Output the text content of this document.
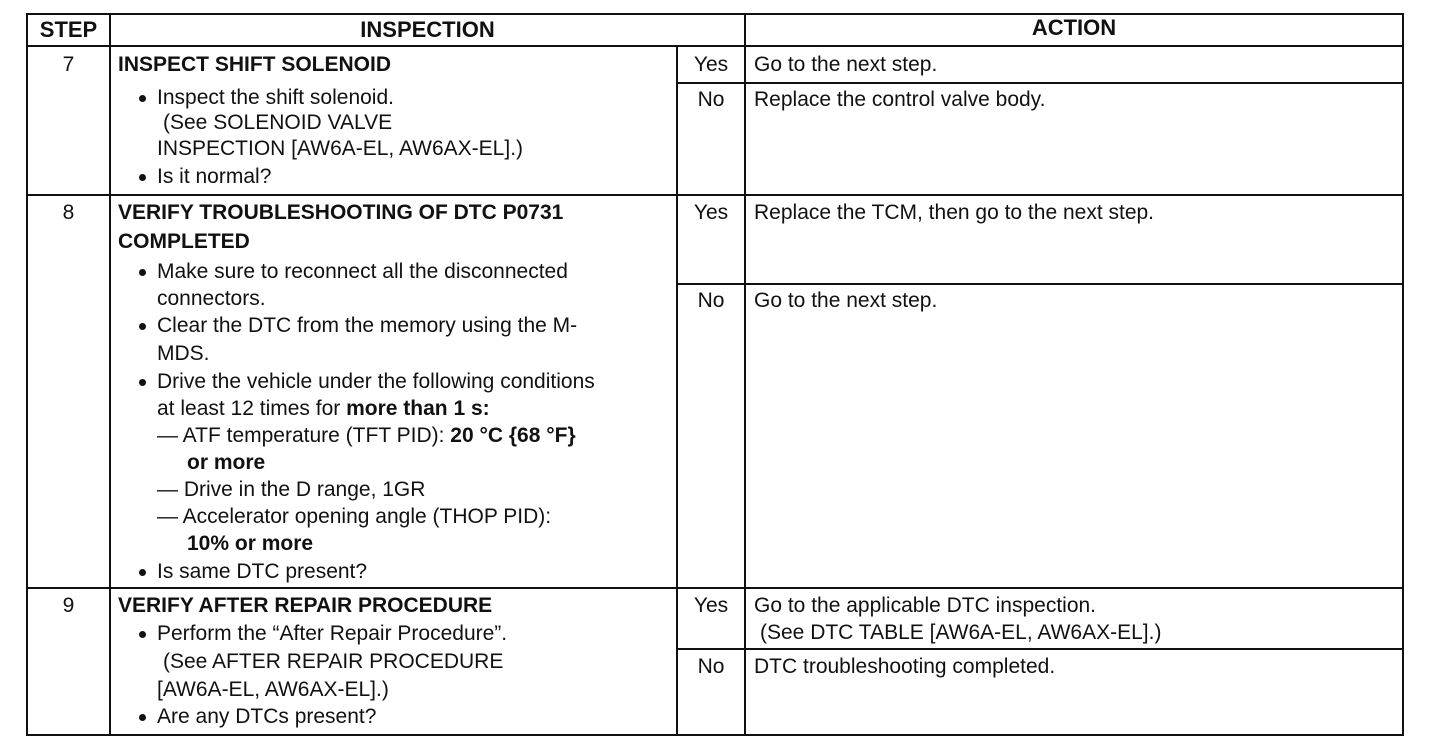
STEP	INSPECTION	ACTION
7	INSPECT SHIFT SOLENOID
Inspect the shift solenoid.
(See SOLENOID VALVE
INSPECTION [AW6A-EL, AW6AX-EL].)
Is it normal?
Yes	Go to the next step.
No	Replace the control valve body.
8	VERIFY TROUBLESHOOTING OF DTC P0731
COMPLETED
Make sure to reconnect all the disconnected
connectors.
Clear the DTC from the memory using the M-
MDS.
Drive the vehicle under the following conditions
at least 12 times for more than 1 s:
— ATF temperature (TFT PID): 20 °C {68 °F}
or more
— Drive in the D range, 1GR
— Accelerator opening angle (THOP PID):
10% or more
Is same DTC present?
Yes	Replace the TCM, then go to the next step.
No	Go to the next step.
9	VERIFY AFTER REPAIR PROCEDURE
Perform the “After Repair Procedure”.
(See AFTER REPAIR PROCEDURE
[AW6A-EL, AW6AX-EL].)
Are any DTCs present?
Yes	Go to the applicable DTC inspection.
(See DTC TABLE [AW6A-EL, AW6AX-EL].)
No	DTC troubleshooting completed.
